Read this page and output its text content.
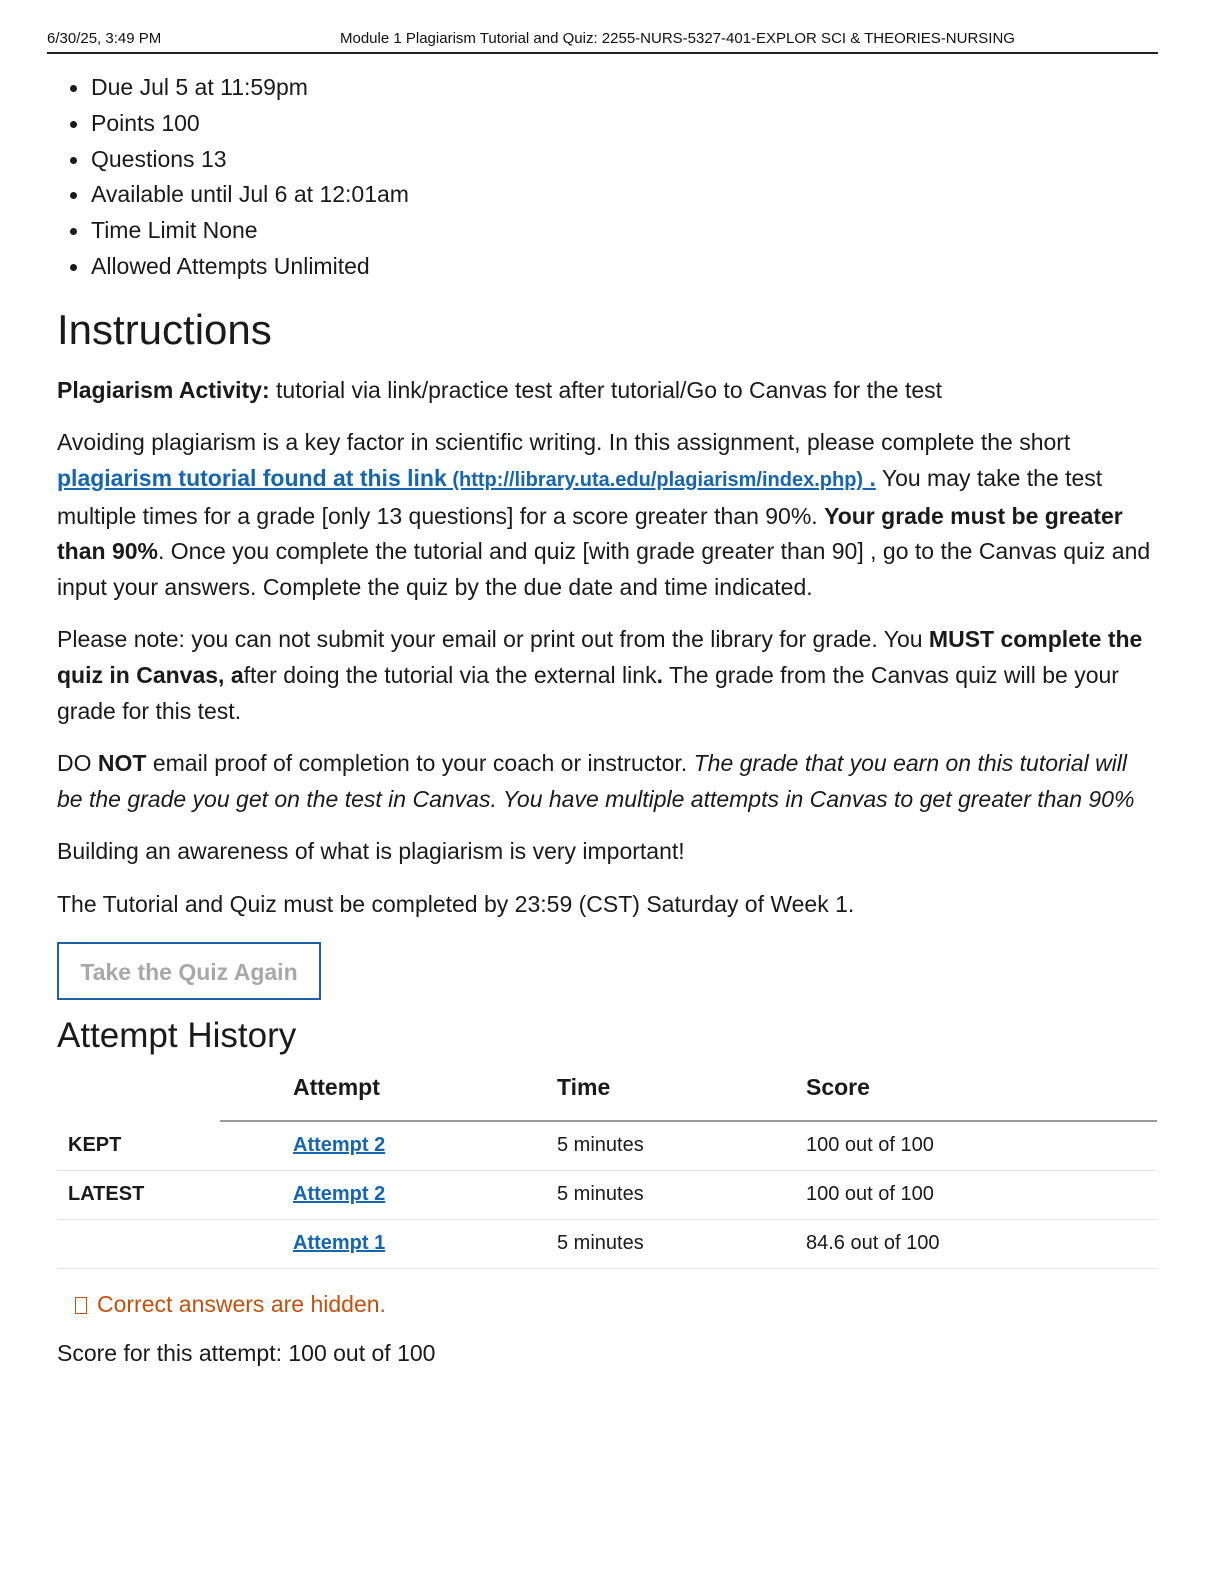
6/30/25, 3:49 PM	Module 1 Plagiarism Tutorial and Quiz: 2255-NURS-5327-401-EXPLOR SCI & THEORIES-NURSING
Due Jul 5 at 11:59pm
Points 100
Questions 13
Available until Jul 6 at 12:01am
Time Limit None
Allowed Attempts Unlimited
Instructions

Plagiarism Activity: tutorial via link/practice test after tutorial/Go to Canvas for the test

Avoiding plagiarism is a key factor in scientific writing. In this assignment, please complete the short plagiarism tutorial found at this link (http://library.uta.edu/plagiarism/index.php) . You may take the test multiple times for a grade [only 13 questions] for a score greater than 90%. Your grade must be greater than 90%. Once you complete the tutorial and quiz [with grade greater than 90] , go to the Canvas quiz and input your answers. Complete the quiz by the due date and time indicated.

Please note: you can not submit your email or print out from the library for grade. You MUST complete the quiz in Canvas, after doing the tutorial via the external link. The grade from the Canvas quiz will be your grade for this test.

DO NOT email proof of completion to your coach or instructor. The grade that you earn on this tutorial will be the grade you get on the test in Canvas. You have multiple attempts in Canvas to get greater than 90%

Building an awareness of what is plagiarism is very important!

The Tutorial and Quiz must be completed by 23:59 (CST) Saturday of Week 1.

Take the Quiz Again
Attempt History
		Attempt	Time	Score
KEPT		Attempt 2	5 minutes	100 out of 100
LATEST		Attempt 2	5 minutes	100 out of 100
		Attempt 1	5 minutes	84.6 out of 100
Correct answers are hidden.
Score for this attempt: 100 out of 100
